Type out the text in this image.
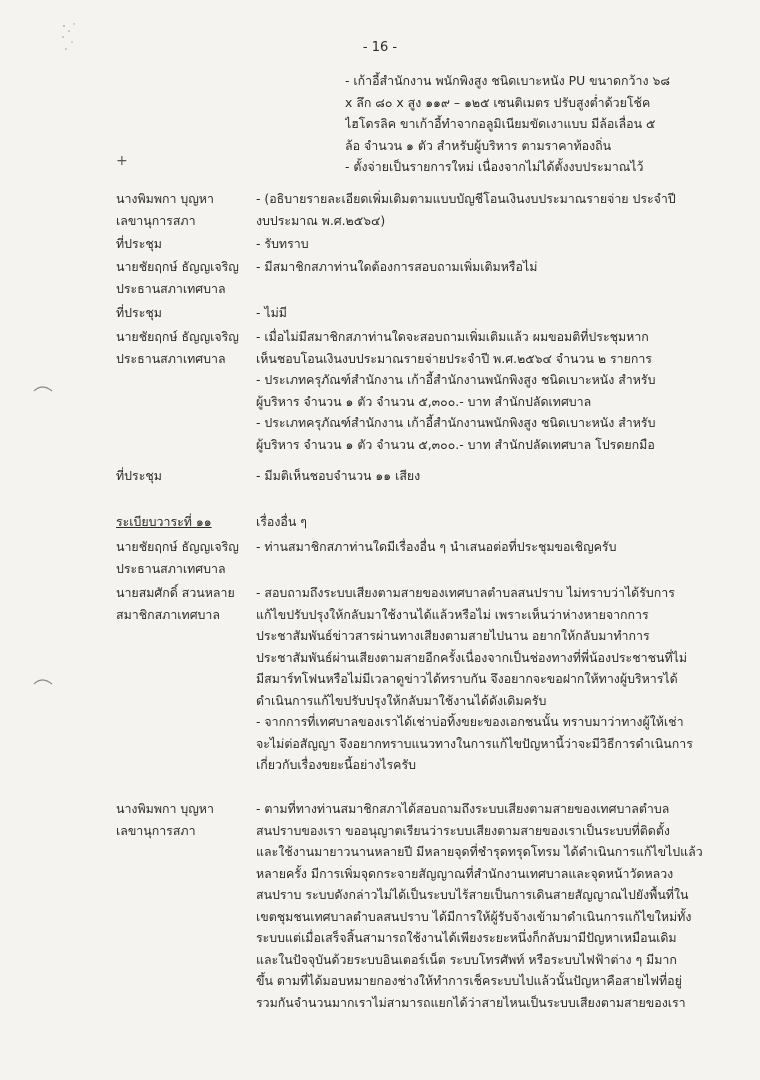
+
- 16 -
- เก้าอี้สำนักงาน พนักพิงสูง ชนิดเบาะหนัง PU ขนาดกว้าง ๖๘
x ลึก ๘๐ x สูง ๑๑๙ – ๑๒๕ เซนติเมตร ปรับสูงต่ำด้วยโช้ค
ไฮโดรลิค ขาเก้าอี้ทำจากอลูมิเนียมขัดเงาแบบ มีล้อเลื่อน ๕
ล้อ จำนวน ๑ ตัว สำหรับผู้บริหาร ตามราคาท้องถิ่น
- ตั้งจ่ายเป็นรายการใหม่ เนื่องจากไม่ได้ตั้งงบประมาณไว้
นางพิมพกา บุญหา
เลขานุการสภา
- (อธิบายรายละเอียดเพิ่มเติมตามแบบบัญชีโอนเงินงบประมาณรายจ่าย ประจำปี
งบประมาณ พ.ศ.๒๕๖๔)
ที่ประชุม	- รับทราบ
นายชัยฤกษ์ ธัญญเจริญ
ประธานสภาเทศบาล
- มีสมาชิกสภาท่านใดต้องการสอบถามเพิ่มเติมหรือไม่
ที่ประชุม	- ไม่มี
นายชัยฤกษ์ ธัญญเจริญ
ประธานสภาเทศบาล
- เมื่อไม่มีสมาชิกสภาท่านใดจะสอบถามเพิ่มเติมแล้ว ผมขอมติที่ประชุมหาก
เห็นชอบโอนเงินงบประมาณรายจ่ายประจำปี พ.ศ.๒๕๖๔ จำนวน ๒ รายการ
- ประเภทครุภัณฑ์สำนักงาน เก้าอี้สำนักงานพนักพิงสูง ชนิดเบาะหนัง สำหรับ
ผู้บริหาร จำนวน ๑ ตัว จำนวน ๕,๓๐๐.- บาท สำนักปลัดเทศบาล
- ประเภทครุภัณฑ์สำนักงาน เก้าอี้สำนักงานพนักพิงสูง ชนิดเบาะหนัง สำหรับ
ผู้บริหาร จำนวน ๑ ตัว จำนวน ๕,๓๐๐.- บาท สำนักปลัดเทศบาล โปรดยกมือ
ที่ประชุม	- มีมติเห็นชอบจำนวน ๑๑ เสียง
ระเบียบวาระที่ ๑๑	เรื่องอื่น ๆ
นายชัยฤกษ์ ธัญญเจริญ
ประธานสภาเทศบาล
- ท่านสมาชิกสภาท่านใดมีเรื่องอื่น ๆ นำเสนอต่อที่ประชุมขอเชิญครับ
นายสมศักดิ์ สวนหลาย
สมาชิกสภาเทศบาล
- สอบถามถึงระบบเสียงตามสายของเทศบาลตำบลสนปราบ ไม่ทราบว่าได้รับการ
แก้ไขปรับปรุงให้กลับมาใช้งานได้แล้วหรือไม่ เพราะเห็นว่าห่างหายจากการ
ประชาสัมพันธ์ข่าวสารผ่านทางเสียงตามสายไปนาน อยากให้กลับมาทำการ
ประชาสัมพันธ์ผ่านเสียงตามสายอีกครั้งเนื่องจากเป็นช่องทางที่พี่น้องประชาชนที่ไม่
มีสมาร์ทโฟนหรือไม่มีเวลาดูข่าวได้ทราบกัน จึงอยากจะขอฝากให้ทางผู้บริหารได้
ดำเนินการแก้ไขปรับปรุงให้กลับมาใช้งานได้ดังเดิมครับ
- จากการที่เทศบาลของเราได้เช่าบ่อทิ้งขยะของเอกชนนั้น ทราบมาว่าทางผู้ให้เช่า
จะไม่ต่อสัญญา จึงอยากทราบแนวทางในการแก้ไขปัญหานี้ว่าจะมีวิธีการดำเนินการ
เกี่ยวกับเรื่องขยะนี้อย่างไรครับ
นางพิมพกา บุญหา
เลขานุการสภา
- ตามที่ทางท่านสมาชิกสภาได้สอบถามถึงระบบเสียงตามสายของเทศบาลตำบล
สนปราบของเรา ขออนุญาตเรียนว่าระบบเสียงตามสายของเราเป็นระบบที่ติดตั้ง
และใช้งานมายาวนานหลายปี มีหลายจุดที่ชำรุดทรุดโทรม ได้ดำเนินการแก้ไขไปแล้ว
หลายครั้ง มีการเพิ่มจุดกระจายสัญญาณที่สำนักงานเทศบาลและจุดหน้าวัดหลวง
สนปราบ ระบบดังกล่าวไม่ได้เป็นระบบไร้สายเป็นการเดินสายสัญญาณไปยังพื้นที่ใน
เขตชุมชนเทศบาลตำบลสนปราบ ได้มีการให้ผู้รับจ้างเข้ามาดำเนินการแก้ไขใหม่ทั้ง
ระบบแต่เมื่อเสร็จสิ้นสามารถใช้งานได้เพียงระยะหนึ่งก็กลับมามีปัญหาเหมือนเดิม
และในปัจจุบันด้วยระบบอินเตอร์เน็ต ระบบโทรศัพท์ หรือระบบไฟฟ้าต่าง ๆ มีมาก
ขึ้น ตามที่ได้มอบหมายกองช่างให้ทำการเช็คระบบไปแล้วนั้นปัญหาคือสายไฟที่อยู่
รวมกันจำนวนมากเราไม่สามารถแยกได้ว่าสายไหนเป็นระบบเสียงตามสายของเรา
